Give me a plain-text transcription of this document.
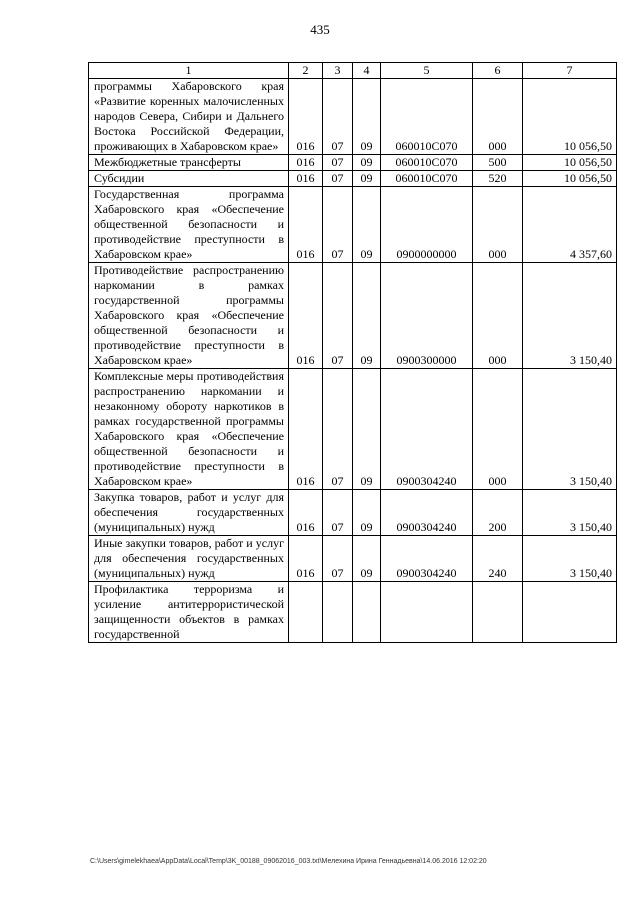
435
1	2	3	4	5	6	7
программы Хабаровского края «Развитие коренных малочисленных народов Севера, Сибири и Дальнего Востока Российской Федерации, проживающих в Хабаровском крае»	016	07	09	060010С070	000	10 056,50
Межбюджетные трансферты	016	07	09	060010С070	500	10 056,50
Субсидии	016	07	09	060010С070	520	10 056,50
Государственная программа Хабаровского края «Обеспечение общественной безопасности и противодействие преступности в Хабаровском крае»	016	07	09	0900000000	000	4 357,60
Противодействие распространению наркомании в рамках государственной программы Хабаровского края «Обеспечение общественной безопасности и противодействие преступности в Хабаровском крае»	016	07	09	0900300000	000	3 150,40
Комплексные меры противодействия распространению наркомании и незаконному обороту наркотиков в рамках государственной программы Хабаровского края «Обеспечение общественной безопасности и противодействие преступности в Хабаровском крае»	016	07	09	0900304240	000	3 150,40
Закупка товаров, работ и услуг для обеспечения государственных (муниципальных) нужд	016	07	09	0900304240	200	3 150,40
Иные закупки товаров, работ и услуг для обеспечения государственных (муниципальных) нужд	016	07	09	0900304240	240	3 150,40
Профилактика терроризма и усиление антитеррористической защищенности объектов в рамках государственной						
C:\Users\gimelekhaea\AppData\Local\Temp\3K_00188_09062016_003.txt\Мелехина Ирина Геннадьевна\14.06.2016 12:02:20
